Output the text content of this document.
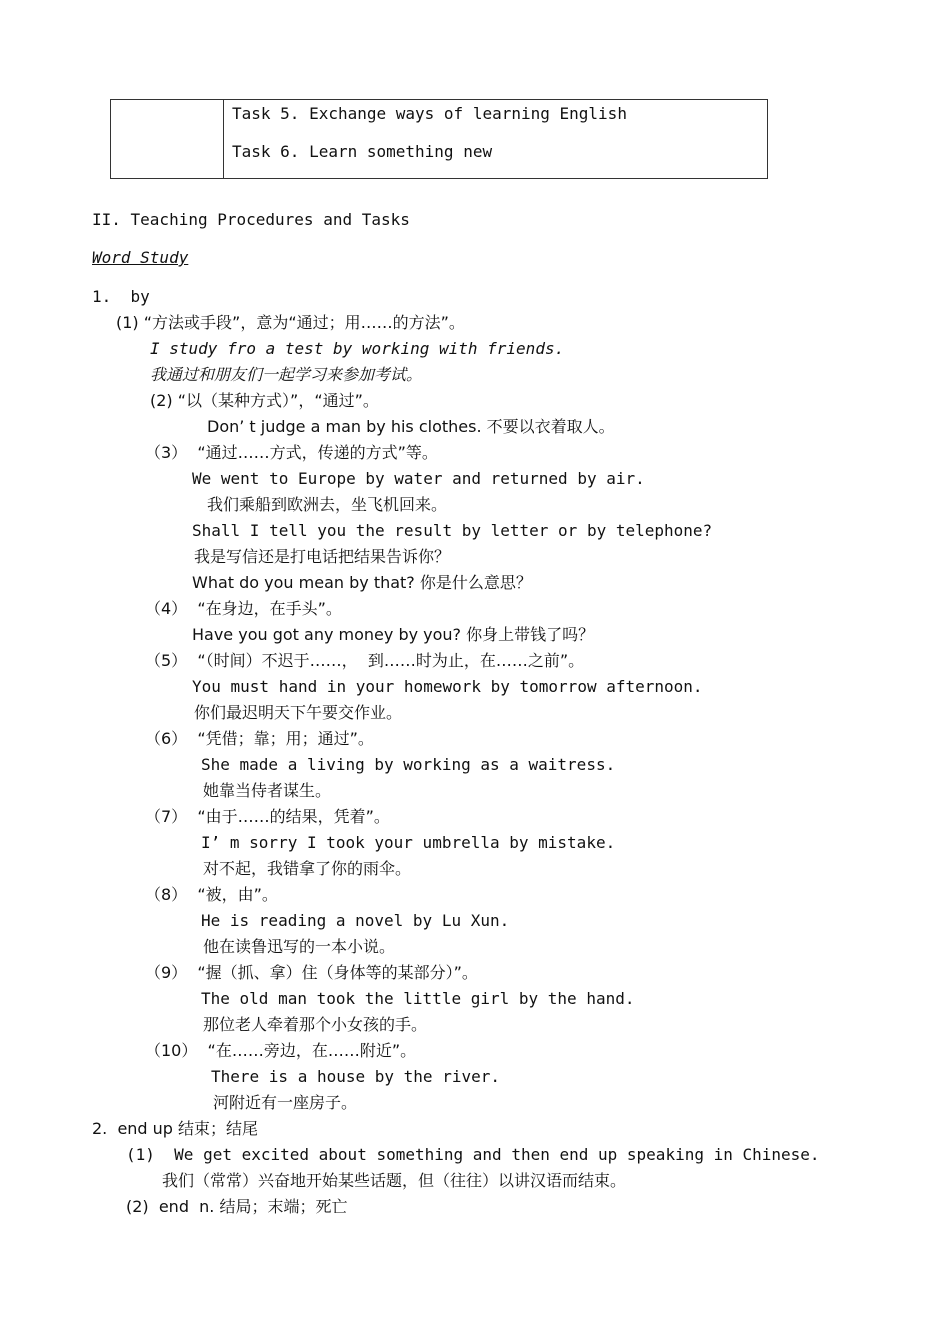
Task 5. Exchange ways of learning English
Task 6. Learn something new
II. Teaching Procedures and Tasks
Word Study
1.  by
(1) “方法或手段”，意为“通过；用……的方法”。
I study fro a test by working with friends.
我通过和朋友们一起学习来参加考试。
(2) “以（某种方式）”，“通过”。
Don’ t judge a man by his clothes. 不要以衣着取人。
（3）  “通过……方式，传递的方式”等。
We went to Europe by water and returned by air.
我们乘船到欧洲去，坐飞机回来。
Shall I tell you the result by letter or by telephone?
我是写信还是打电话把结果告诉你？
What do you mean by that? 你是什么意思？
（4）  “在身边，在手头”。
Have you got any money by you? 你身上带钱了吗？
（5）  “（时间）不迟于……，  到……时为止，在……之前”。
You must hand in your homework by tomorrow afternoon.
你们最迟明天下午要交作业。
（6）  “凭借；靠；用；通过”。
She made a living by working as a waitress.
她靠当侍者谋生。
（7）  “由于……的结果，凭着”。
I’ m sorry I took your umbrella by mistake.
对不起，我错拿了你的雨伞。
（8）  “被，由”。
He is reading a novel by Lu Xun.
他在读鲁迅写的一本小说。
（9）  “握（抓、拿）住（身体等的某部分）”。
The old man took the little girl by the hand.
那位老人牵着那个小女孩的手。
（10）  “在……旁边，在……附近”。
There is a house by the river.
河附近有一座房子。
2.  end up 结束；结尾
(1)  We get excited about something and then end up speaking in Chinese.
我们（常常）兴奋地开始某些话题，但（往往）以讲汉语而结束。
(2)  end  n. 结局；末端；死亡
